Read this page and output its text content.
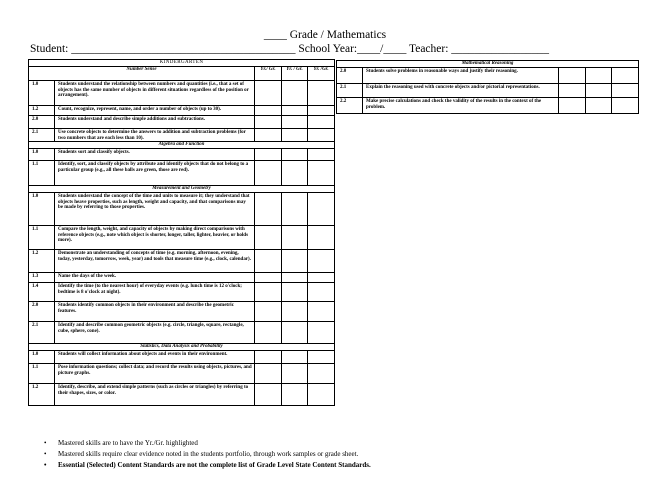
____ Grade / Mathematics
Student: _______________________________________ School Year:____/____ Teacher: _________________
KINDERGARTEN				
Number Sense		Yr./ Gr.	Yr. / Gr.	Yr. /Gr.
1.0	Students understand the relationship between numbers and quantities (i.e., that a set of objects has the same number of objects in different situations regardless of the position or arrangement).			
1.2	Count, recognize, represent, name, and order a number of objects (up to 30).			
2.0	Students understand and describe simple additions and subtractions.			
2.1	Use concrete objects to determine the answers to addition and subtraction problems (for two numbers that are each less than 10).			
Algebra and Function				
1.0	Students sort and classify objects.			
1.1	Identify, sort, and classify objects by attribute and identify objects that do not belong to a particular group (e.g., all these balls are green, those are red).			
Measurement and Geometry				
1.0	Students understand the concept of the time and units to measure it; they understand that objects heave properties, such as length, weight and capacity, and that comparisons may be made by referring to those properties.			
1.1	Compare the length, weight, and capacity of objects by making direct comparisons with reference objects (e.g., note which object is shorter, longer, taller, lighter, heavier, or holds more).			
1.2	Demonstrate an understanding of concepts of time (e.g. morning, afternoon, evening, today, yesterday, tomorrow, week, year) and tools that measure time (e.g., clock, calendar).			
1.3	Name the days of the week.			
1.4	Identify the time (to the nearest hour) of everyday events (e.g. lunch time is 12 o'clock; bedtime is 8 o'clock at night).			
2.0	Students identify common objects in their environment and describe the geometric features.			
2.1	Identify and describe common geometric objects (e.g. circle, triangle, square, rectangle, cube, sphere, cone).			
Statistics, Data Analysis and Probability				
1.0	Students will collect information about objects and events in their environment.			
1.1	Pose information questions; collect data; and record the results using objects, pictures, and picture graphs.			
1.2	Identify, describe, and extend simple patterns (such as circles or triangles) by referring to their shapes, sizes, or color.			
Mathematical Reasoning				
2.0	Students solve problems in reasonable ways and justify their reasoning.			
2.1	Explain the reasoning used with concrete objects and/or pictorial representations.			
2.2	Make precise calculations and check the validity of the results in the context of the problem.			
• Mastered skills are to have the Yr./Gr. highlighted
• Mastered skills require clear evidence noted in the students portfolio, through work samples or grade sheet.
• Essential (Selected) Content Standards are not the complete list of Grade Level State Content Standards.
